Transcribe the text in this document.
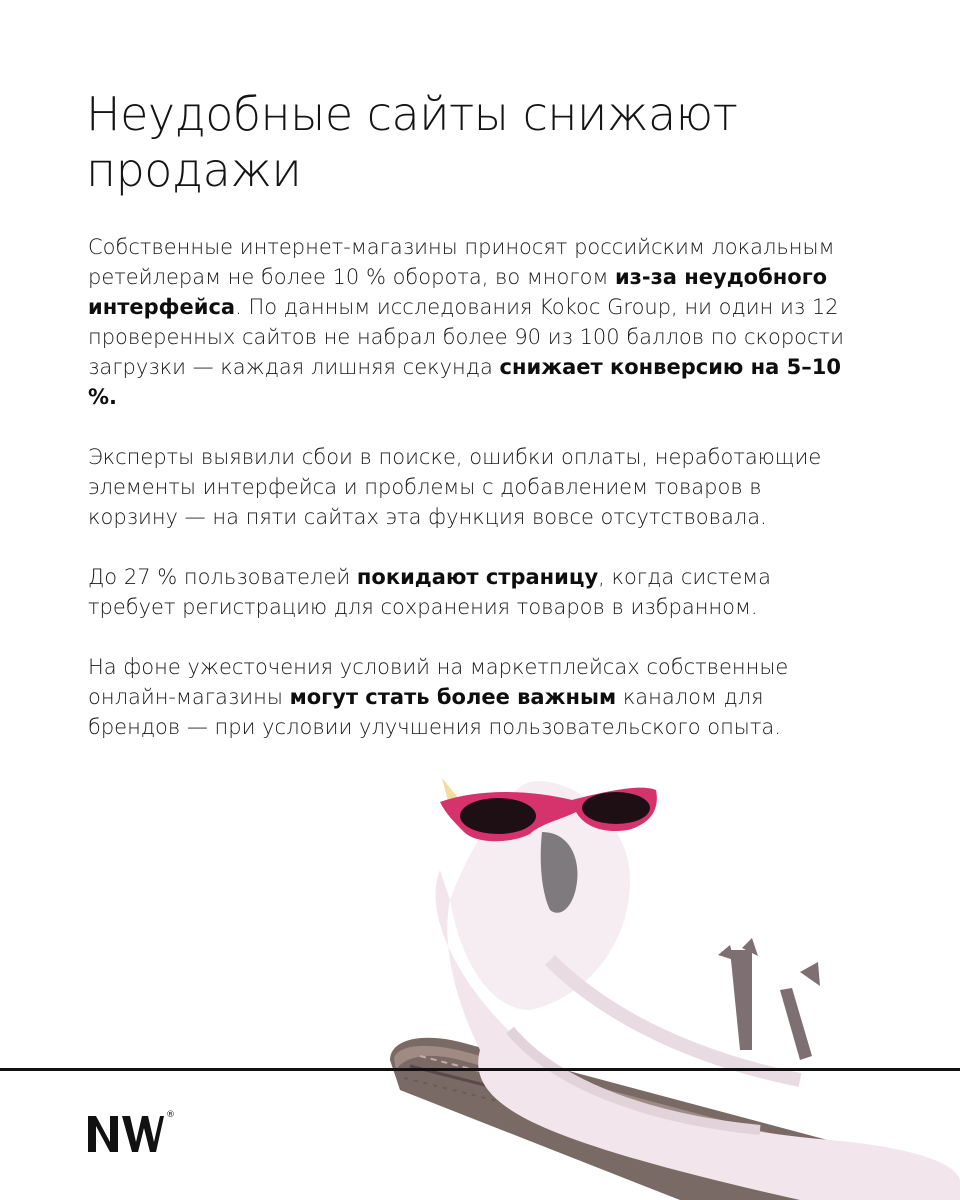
Неудобные сайты снижают
продажи

Собственные интернет-магазины приносят российским локальным ретейлерам не более 10 % оборота, во многом из-за неудобного интерфейса. По данным исследования Kokoc Group, ни один из 12 проверенных сайтов не набрал более 90 из 100 баллов по скорости загрузки — каждая лишняя секунда снижает конверсию на 5–10 %.

Эксперты выявили сбои в поиске, ошибки оплаты, неработающие элементы интерфейса и проблемы с добавлением товаров в корзину — на пяти сайтах эта функция вовсе отсутствовала.

До 27 % пользователей покидают страницу, когда система требует регистрацию для сохранения товаров в избранном.

На фоне ужесточения условий на маркетплейсах собственные онлайн-магазины могут стать более важным каналом для брендов — при условии улучшения пользовательского опыта.

®
